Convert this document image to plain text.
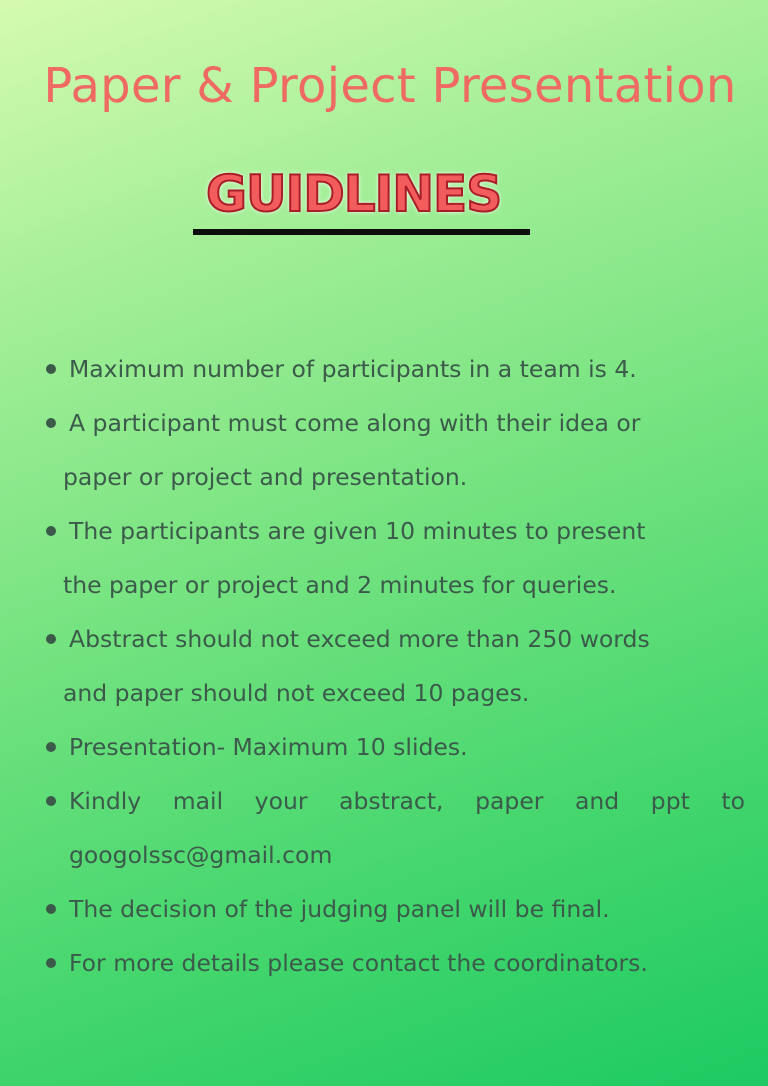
Paper & Project Presentation
GUIDLINES
Maximum number of participants in a team is 4.
A participant must come along with their idea or
paper or project and presentation.
The participants are given 10 minutes to present
the paper or project and 2 minutes for queries.
Abstract should not exceed more than 250 words
and paper should not exceed 10 pages.
Presentation- Maximum 10 slides.
Kindly mail your abstract, paper and ppt to
googolssc@gmail.com
The decision of the judging panel will be final.
For more details please contact the coordinators.
